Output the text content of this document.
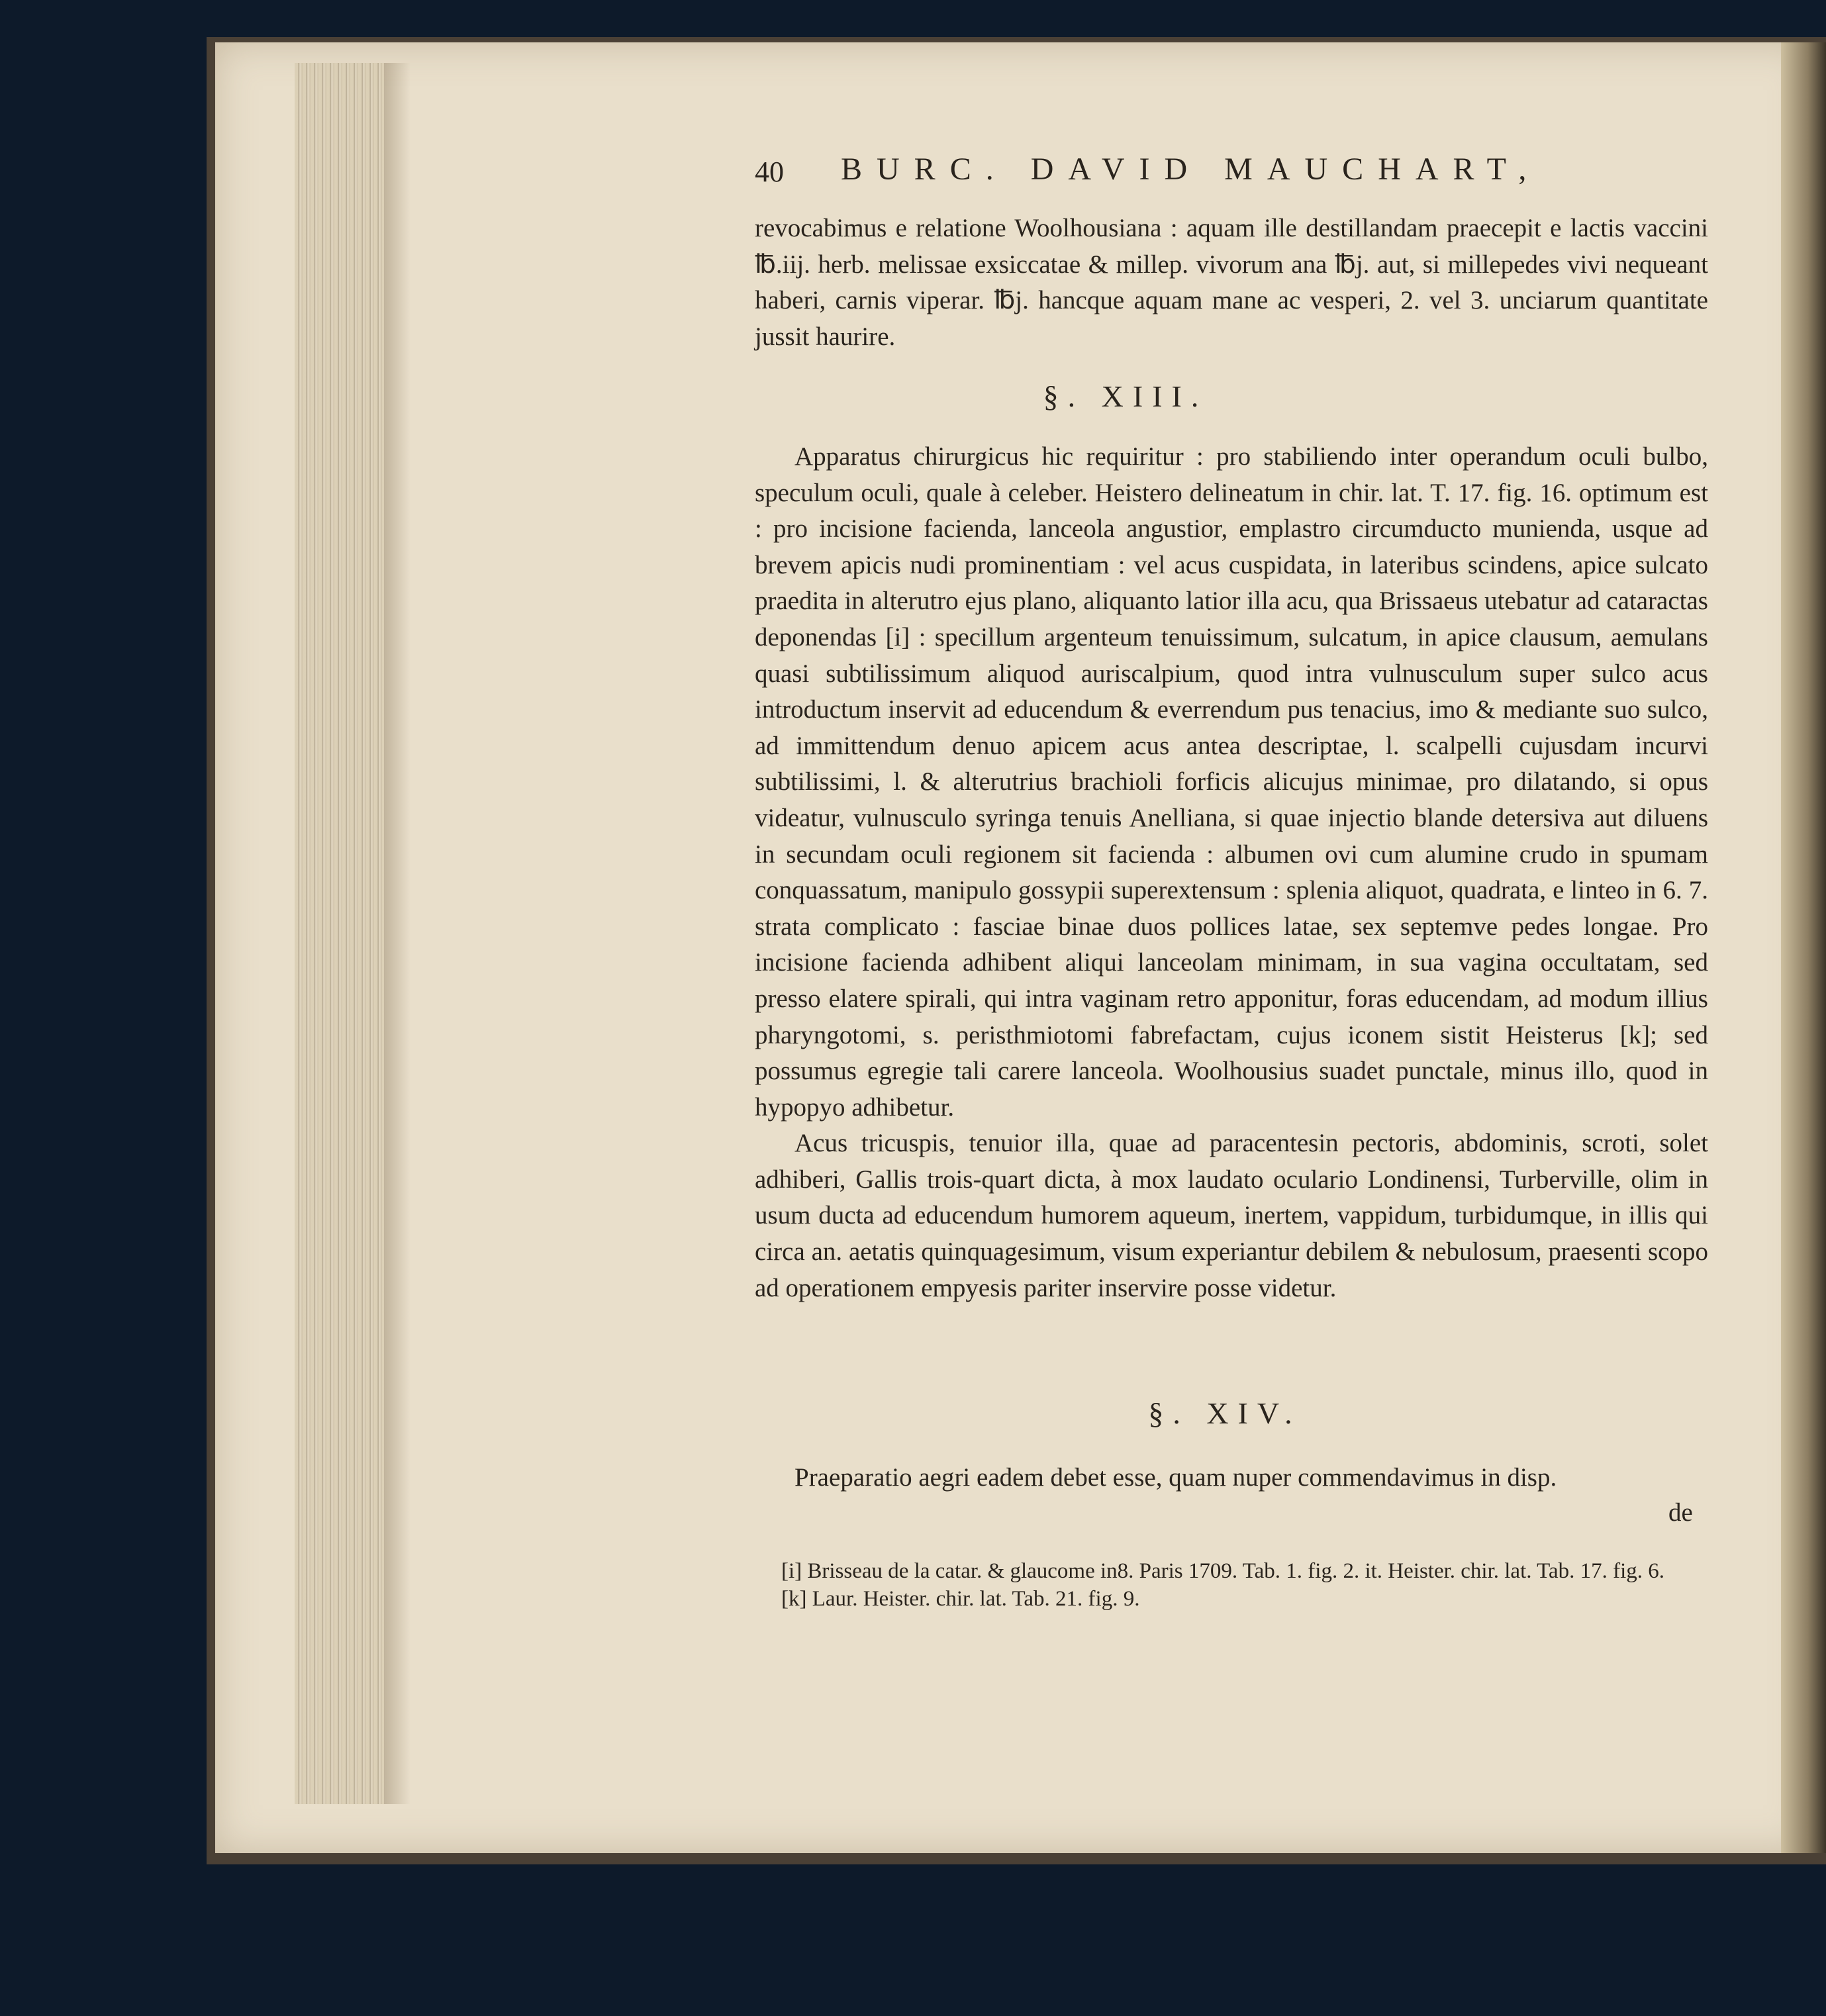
40 BURC. DAVID MAUCHART,

revocabimus e relatione Woolhousiana : aquam ille destillandam praecepit e lactis vaccini ℔.iij. herb. melissae exsiccatae & millep. vivorum ana ℔j. aut, si millepedes vivi nequeant haberi, carnis viperar. ℔j. hancque aquam mane ac vesperi, 2. vel 3. unciarum quantitate jussit haurire.

§. XIII.

Apparatus chirurgicus hic requiritur : pro stabiliendo inter operandum oculi bulbo, speculum oculi, quale à celeber. Heistero delineatum in chir. lat. T. 17. fig. 16. optimum est : pro incisione facienda, lanceola angustior, emplastro circumducto munienda, usque ad brevem apicis nudi prominentiam : vel acus cuspidata, in lateribus scindens, apice sulcato praedita in alterutro ejus plano, aliquanto latior illa acu, qua Brissaeus utebatur ad cataractas deponendas [i] : specillum argenteum tenuissimum, sulcatum, in apice clausum, aemulans quasi subtilissimum aliquod auriscalpium, quod intra vulnusculum super sulco acus introductum inservit ad educendum & everrendum pus tenacius, imo & mediante suo sulco, ad immittendum denuo apicem acus antea descriptae, l. scalpelli cujusdam incurvi subtilissimi, l. & alterutrius brachioli forficis alicujus minimae, pro dilatando, si opus videatur, vulnusculo syringa tenuis Anelliana, si quae injectio blande detersiva aut diluens in secundam oculi regionem sit facienda : albumen ovi cum alumine crudo in spumam conquassatum, manipulo gossypii superextensum : splenia aliquot, quadrata, e linteo in 6. 7. strata complicato : fasciae binae duos pollices latae, sex septemve pedes longae. Pro incisione facienda adhibent aliqui lanceolam minimam, in sua vagina occultatam, sed presso elatere spirali, qui intra vaginam retro apponitur, foras educendam, ad modum illius pharyngotomi, s. peristhmiotomi fabrefactam, cujus iconem sistit Heisterus [k]; sed possumus egregie tali carere lanceola. Woolhousius suadet punctale, minus illo, quod in hypopyo adhibetur.

Acus tricuspis, tenuior illa, quae ad paracentesin pectoris, abdominis, scroti, solet adhiberi, Gallis trois-quart dicta, à mox laudato oculario Londinensi, Turberville, olim in usum ducta ad educendum humorem aqueum, inertem, vappidum, turbidumque, in illis qui circa an. aetatis quinquagesimum, visum experiantur debilem & nebulosum, praesenti scopo ad operationem empyesis pariter inservire posse videtur.

§. XIV.

Praeparatio aegri eadem debet esse, quam nuper commendavimus in disp.

de

[i] Brisseau de la catar. & glaucome in8. Paris 1709. Tab. 1. fig. 2. it. Heister. chir. lat. Tab. 17. fig. 6.

[k] Laur. Heister. chir. lat. Tab. 21. fig. 9.
